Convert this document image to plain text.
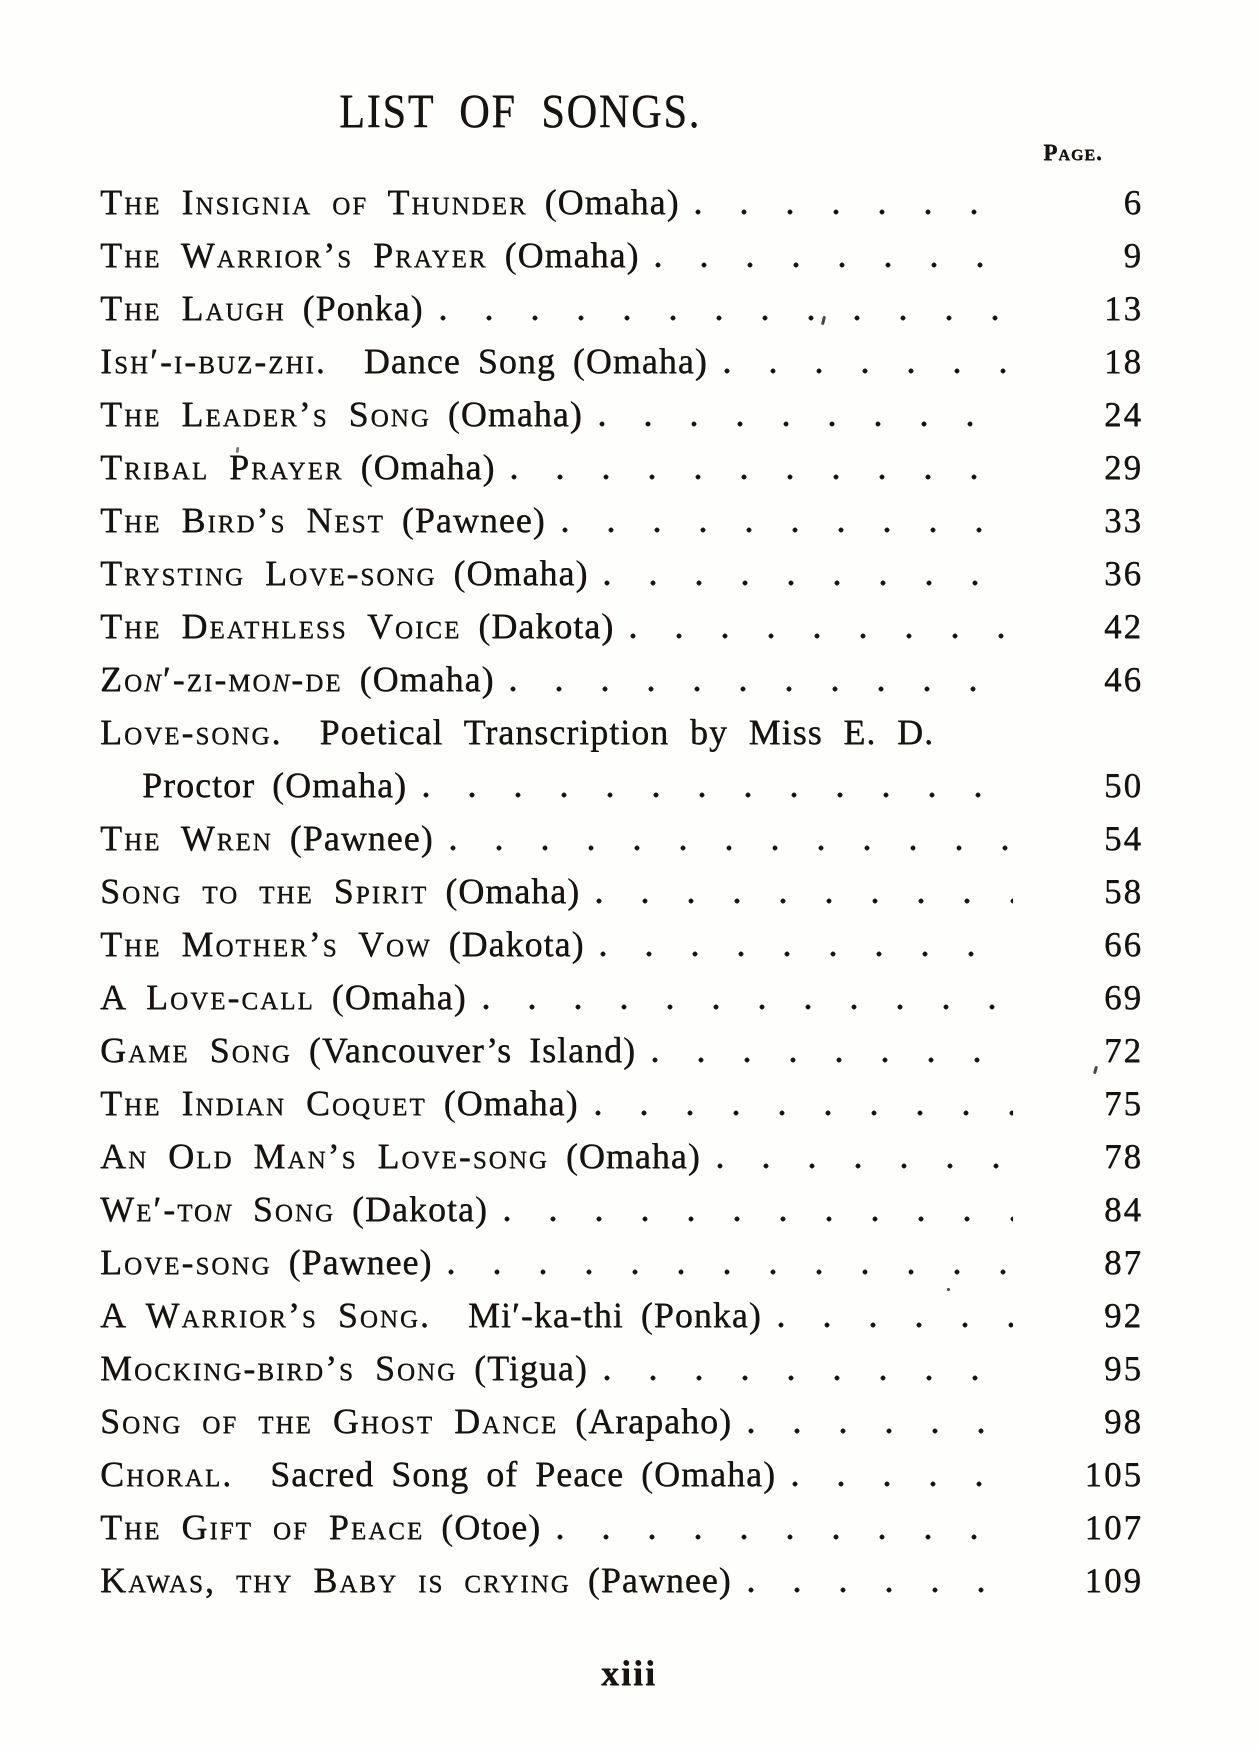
LIST OF SONGS.
Page.
The Insignia of Thunder (Omaha)	6
The Warrior’s Prayer (Omaha)	9
The Laugh (Ponka)	13
Ish′-i-buz-zhi. Dance Song (Omaha)	18
The Leader’s Song (Omaha)	24
Tribal Prayer (Omaha)	29
The Bird’s Nest (Pawnee)	33
Trysting Love-song (Omaha)	36
The Deathless Voice (Dakota)	42
Zon′-zi-mon-de (Omaha)	46
Love-song. Poetical Transcription by Miss E. D.
Proctor (Omaha)	50
The Wren (Pawnee)	54
Song to the Spirit (Omaha)	58
The Mother’s Vow (Dakota)	66
A Love-call (Omaha)	69
Game Song (Vancouver’s Island)	72
The Indian Coquet (Omaha)	75
An Old Man’s Love-song (Omaha)	78
We′-ton Song (Dakota)	84
Love-song (Pawnee)	87
A Warrior’s Song. Mi′-ka-thi (Ponka)	92
Mocking-bird’s Song (Tigua)	95
Song of the Ghost Dance (Arapaho)	98
Choral. Sacred Song of Peace (Omaha)	105
The Gift of Peace (Otoe)	107
Kawas, thy Baby is crying (Pawnee)	109
xiii
